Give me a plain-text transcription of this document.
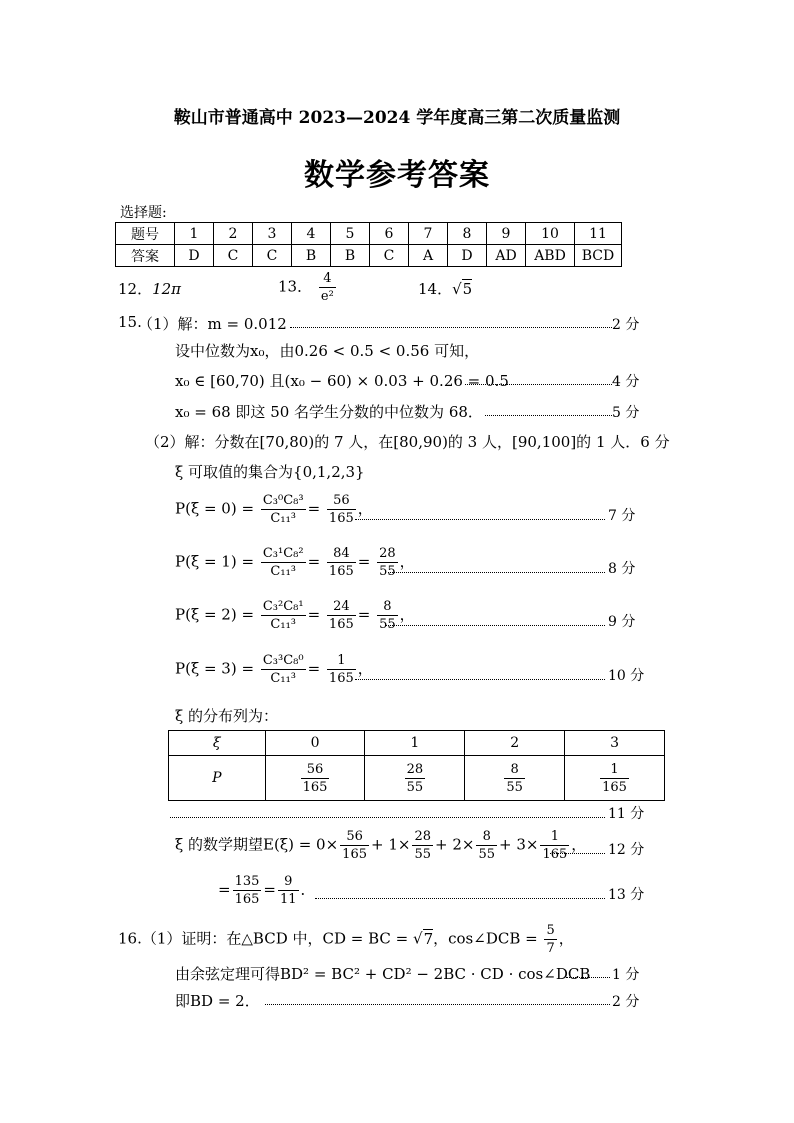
鞍山市普通高中 2023—2024 学年度高三第二次质量监测
数学参考答案
选择题:
题号	1	2	3	4	5	6	7	8	9	10	11
答案	D	C	C	B	B	C	A	D	AD	ABD	BCD
12．12π	13． $\frac{4}{\text{e²}}$	14．√5
15.
（1）解：m = 0.012	2 分
设中位数为x₀，由0.26 < 0.5 < 0.56 可知，
x₀ ∈ [60,70) 且(x₀ − 60) × 0.03 + 0.26 = 0.5	4 分
x₀ = 68 即这 50 名学生分数的中位数为 68．	5 分
（2）解：分数在[70,80)的 7 人，在[80,90)的 3 人，[90,100]的 1 人．6 分
ξ 可取值的集合为{0,1,2,3}
$P(\xi = 0) = \frac{\text{C₃⁰C₈³}}{\text{C₁₁³}} = \frac{56}{165}$ ，	7 分
$P(\xi = 1) = \frac{\text{C₃¹C₈²}}{\text{C₁₁³}} = \frac{84}{165} = \frac{28}{55}$ ，	8 分
$P(\xi = 2) = \frac{\text{C₃²C₈¹}}{\text{C₁₁³}} = \frac{24}{165} = \frac{8}{55}$ ，	9 分
$P(\xi = 3) = \frac{\text{C₃³C₈⁰}}{\text{C₁₁³}} = \frac{1}{165}$ ，	10 分
ξ 的分布列为：
ξ	0	1	2	3
P	$\frac{56}{165}$	$\frac{28}{55}$	$\frac{8}{55}$	$\frac{1}{165}$
11 分
ξ 的数学期望$E(\xi) = 0\times \frac{56}{165} + 1\times \frac{28}{55} + 2\times \frac{8}{55} + 3\times \frac{1}{165}$ ， 12 分
= $\frac{135}{165} = \frac{9}{11}$ ．	13 分
16.（1）证明：在△BCD 中，CD = BC = √7，cos∠DCB = $\frac{5}{7}$ ，
由余弦定理可得BD² = BC² + CD² − 2BC · CD · cos∠DCB 1 分
即BD = 2．	2 分
